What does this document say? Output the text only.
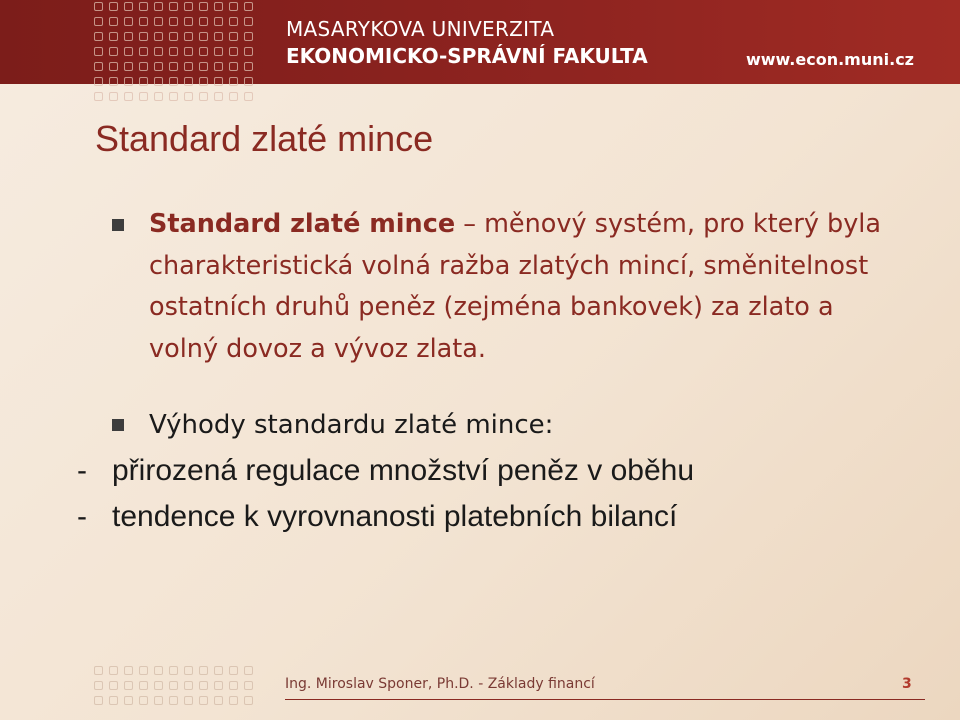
MASARYKOVA UNIVERZITA
EKONOMICKO-SPRÁVNÍ FAKULTA	www.econ.muni.cz
Standard zlaté mince
Standard zlaté mince – měnový systém, pro který byla charakteristická volná ražba zlatých mincí, směnitelnost ostatních druhů peněz (zejména bankovek) za zlato a volný dovoz a vývoz zlata.
Výhody standardu zlaté mince:
- přirozená regulace množství peněz v oběhu
- tendence k vyrovnanosti platebních bilancí
Ing. Miroslav Sponer, Ph.D. - Základy financí	3
